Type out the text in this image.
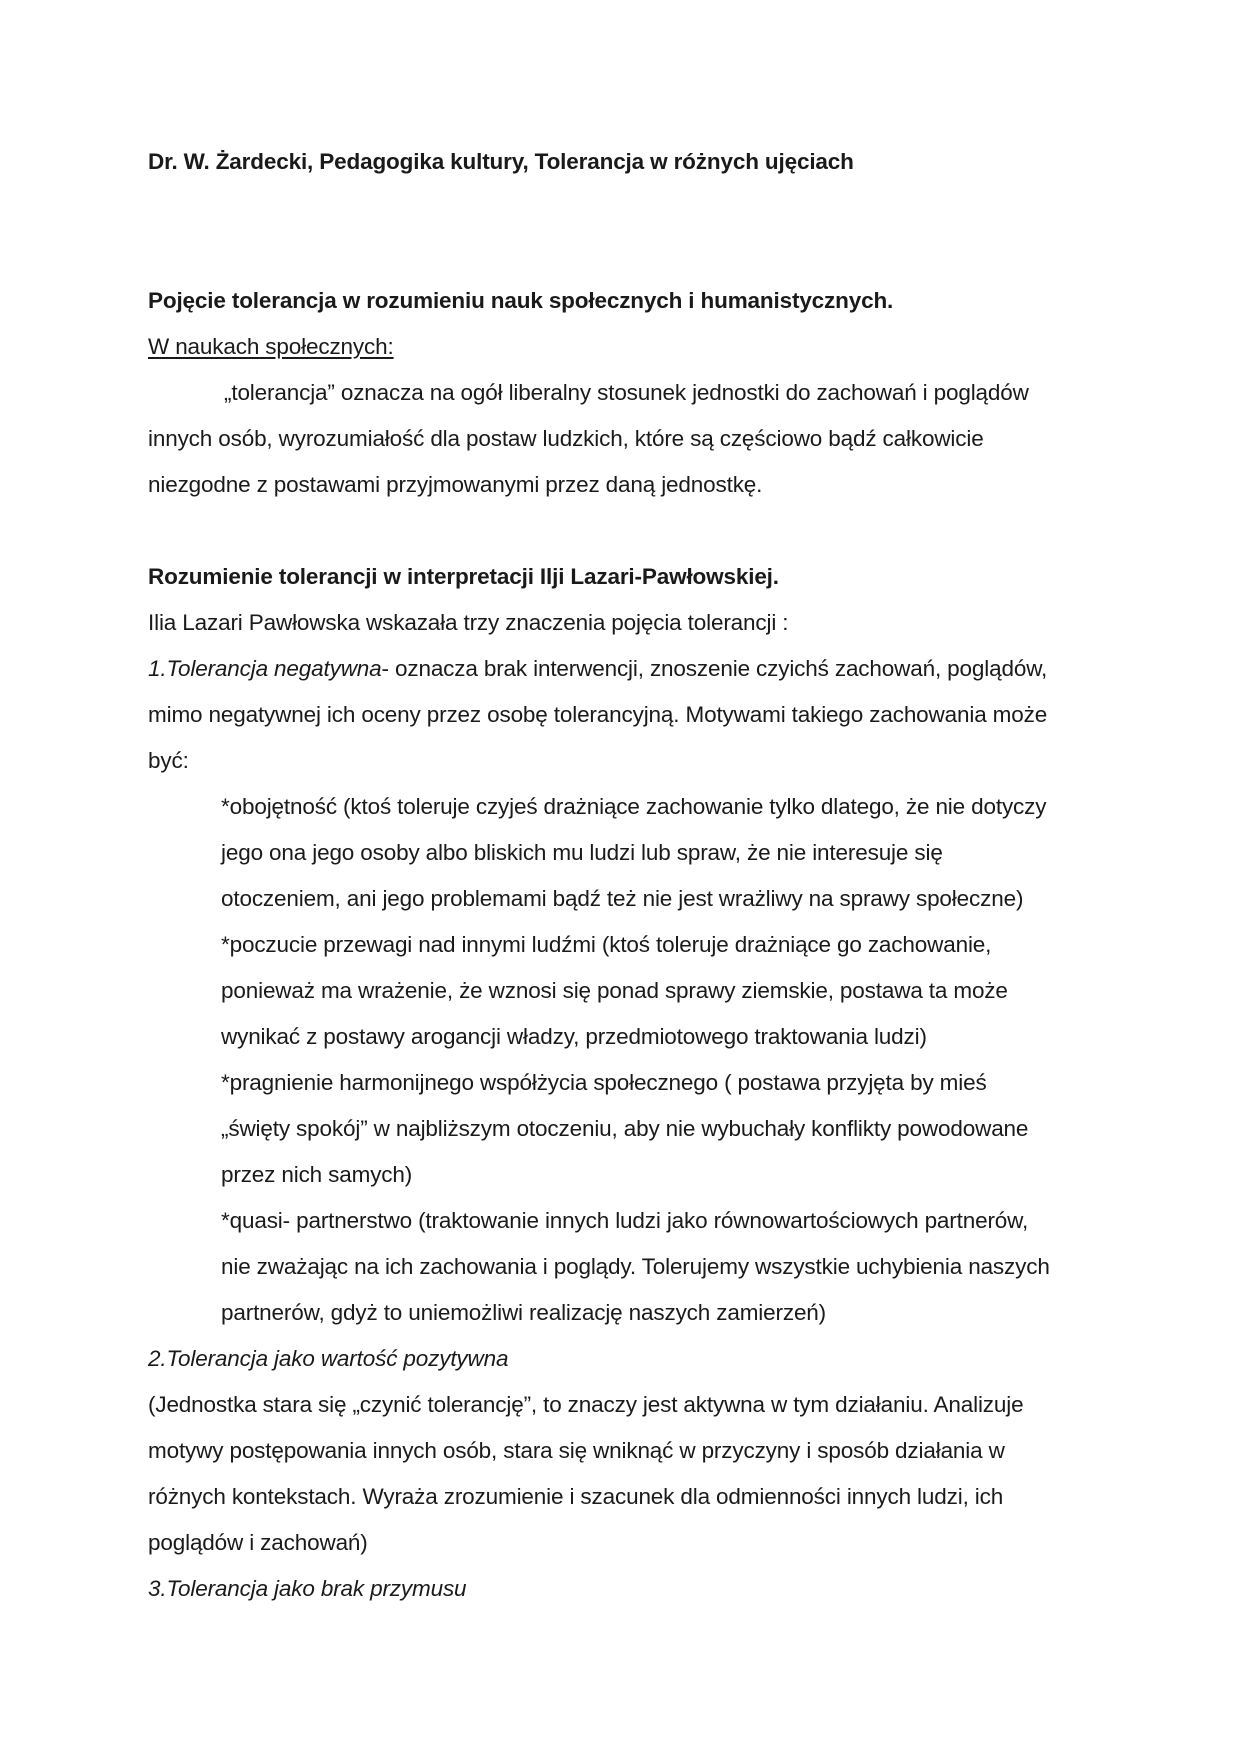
Dr. W. Żardecki, Pedagogika kultury, Tolerancja w różnych ujęciach

Pojęcie tolerancja w rozumieniu nauk społecznych i humanistycznych.

W naukach społecznych:

„tolerancja” oznacza na ogół liberalny stosunek jednostki do zachowań i poglądów

innych osób, wyrozumiałość dla postaw ludzkich, które są częściowo bądź całkowicie

niezgodne z postawami przyjmowanymi przez daną jednostkę.

Rozumienie tolerancji w interpretacji Ilji Lazari-Pawłowskiej.

Ilia Lazari Pawłowska wskazała trzy znaczenia pojęcia tolerancji :

1.Tolerancja negatywna- oznacza brak interwencji, znoszenie czyichś zachowań, poglądów,

mimo negatywnej ich oceny przez osobę tolerancyjną. Motywami takiego zachowania może

być:

*obojętność (ktoś toleruje czyjeś drażniące zachowanie tylko dlatego, że nie dotyczy

jego ona jego osoby albo bliskich mu ludzi lub spraw, że nie interesuje się

otoczeniem, ani jego problemami bądź też nie jest wrażliwy na sprawy społeczne)

*poczucie przewagi nad innymi ludźmi (ktoś toleruje drażniące go zachowanie,

ponieważ ma wrażenie, że wznosi się ponad sprawy ziemskie, postawa ta może

wynikać z postawy arogancji władzy, przedmiotowego traktowania ludzi)

*pragnienie harmonijnego współżycia społecznego ( postawa przyjęta by mieś

„święty spokój” w najbliższym otoczeniu, aby nie wybuchały konflikty powodowane

przez nich samych)

*quasi- partnerstwo (traktowanie innych ludzi jako równowartościowych partnerów,

nie zważając na ich zachowania i poglądy. Tolerujemy wszystkie uchybienia naszych

partnerów, gdyż to uniemożliwi realizację naszych zamierzeń)

2.Tolerancja jako wartość pozytywna

(Jednostka stara się „czynić tolerancję”, to znaczy jest aktywna w tym działaniu. Analizuje

motywy postępowania innych osób, stara się wniknąć w przyczyny i sposób działania w

różnych kontekstach. Wyraża zrozumienie i szacunek dla odmienności innych ludzi, ich

poglądów i zachowań)

3.Tolerancja jako brak przymusu
